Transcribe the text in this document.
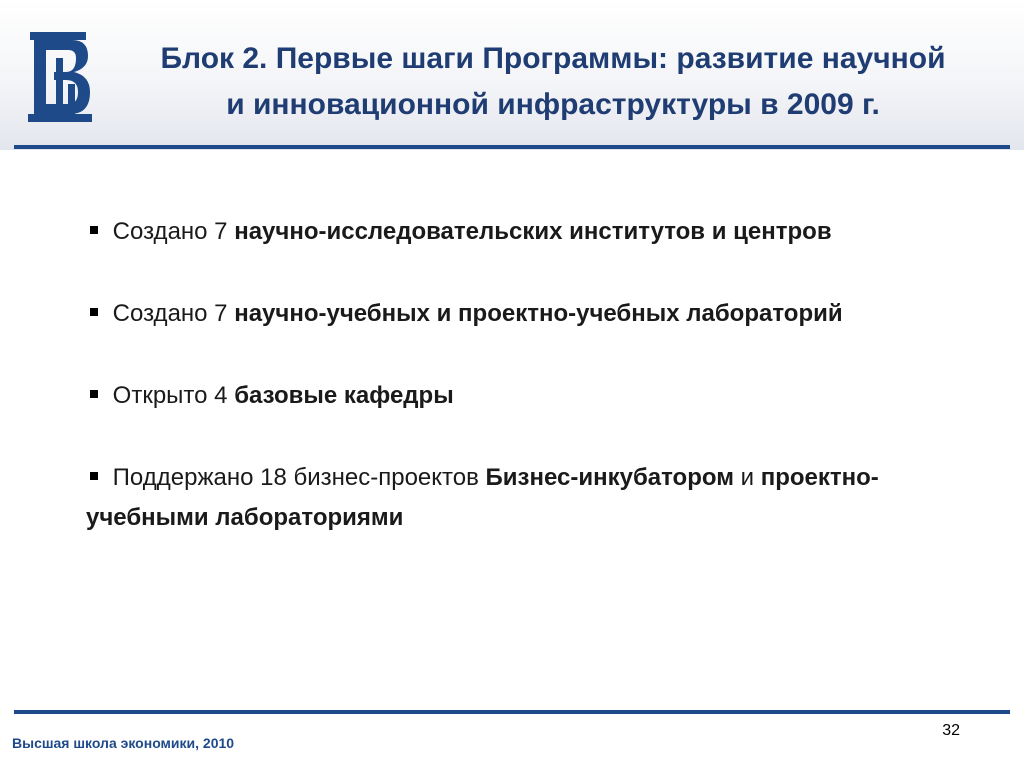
Блок 2. Первые шаги Программы: развитие научной
и инновационной инфраструктуры в 2009 г.
Создано 7 научно-исследовательских институтов и центров
Создано 7 научно-учебных и проектно-учебных лабораторий
Открыто 4 базовые кафедры
Поддержано 18 бизнес-проектов Бизнес-инкубатором и проектно-учебными лабораториями
Высшая школа экономики, 2010
32
